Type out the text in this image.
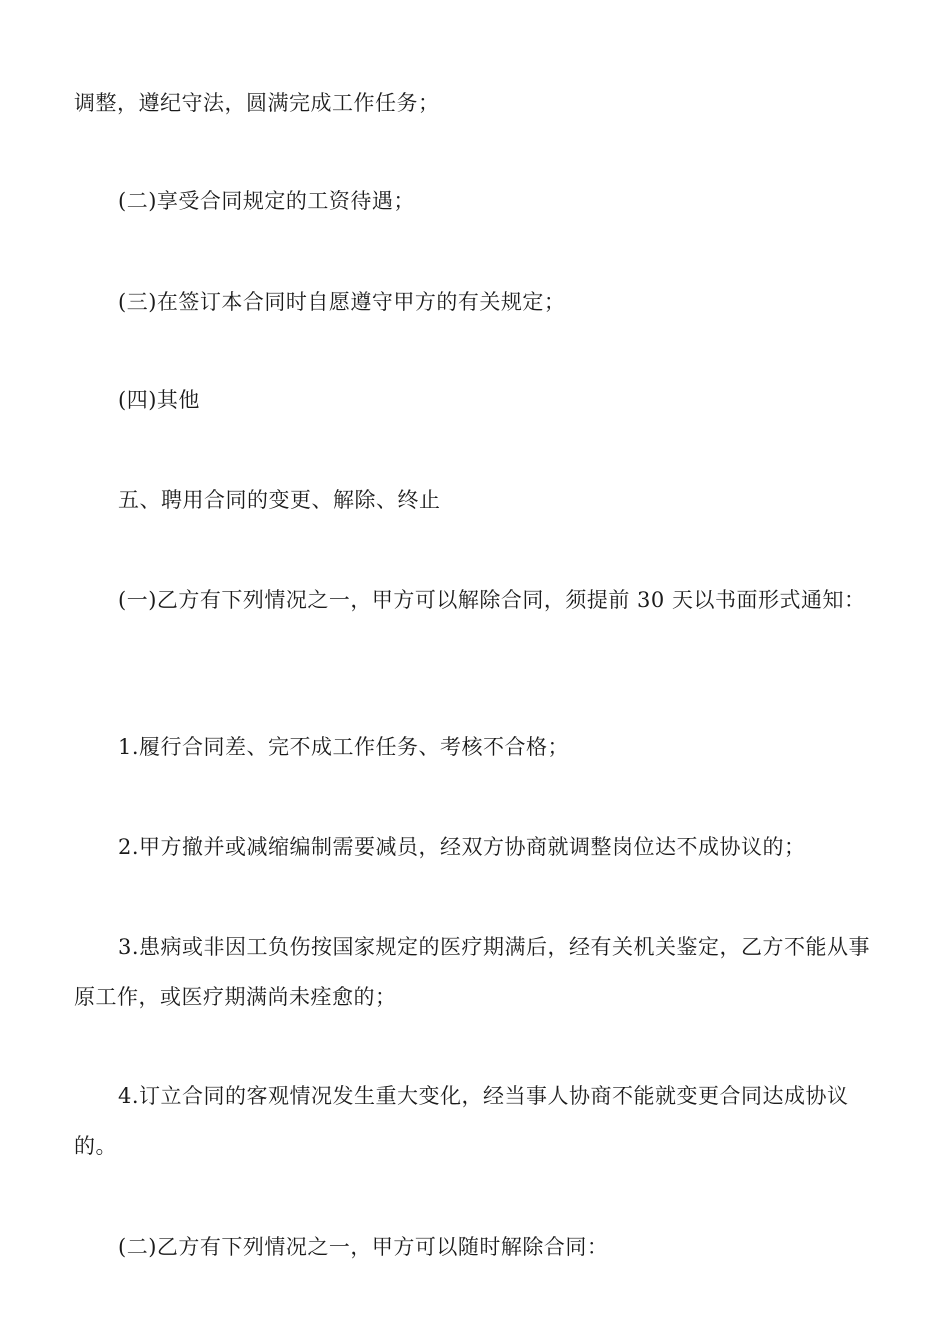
调整，遵纪守法，圆满完成工作任务；

(二)享受合同规定的工资待遇；

(三)在签订本合同时自愿遵守甲方的有关规定；

(四)其他

五、聘用合同的变更、解除、终止

(一)乙方有下列情况之一，甲方可以解除合同，须提前 30 天以书面形式通知：

1.履行合同差、完不成工作任务、考核不合格；

2.甲方撤并或减缩编制需要减员，经双方协商就调整岗位达不成协议的；

3.患病或非因工负伤按国家规定的医疗期满后，经有关机关鉴定，乙方不能从事原工作，或医疗期满尚未痊愈的；

4.订立合同的客观情况发生重大变化，经当事人协商不能就变更合同达成协议的。

(二)乙方有下列情况之一，甲方可以随时解除合同：
